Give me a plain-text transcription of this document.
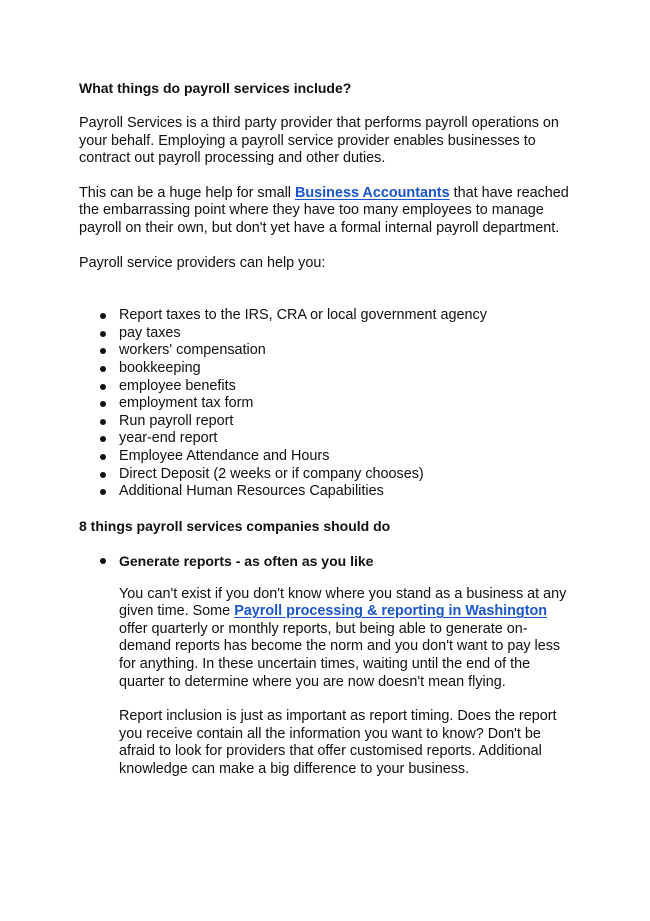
What things do payroll services include?

Payroll Services is a third party provider that performs payroll operations on your behalf. Employing a payroll service provider enables businesses to contract out payroll processing and other duties.

This can be a huge help for small Business Accountants that have reached the embarrassing point where they have too many employees to manage payroll on their own, but don't yet have a formal internal payroll department.

Payroll service providers can help you:

Report taxes to the IRS, CRA or local government agency
pay taxes
workers' compensation
bookkeeping
employee benefits
employment tax form
Run payroll report
year-end report
Employee Attendance and Hours
Direct Deposit (2 weeks or if company chooses)
Additional Human Resources Capabilities
8 things payroll services companies should do
Generate reports - as often as you like

You can't exist if you don't know where you stand as a business at any given time. Some Payroll processing & reporting in Washington offer quarterly or monthly reports, but being able to generate on-demand reports has become the norm and you don't want to pay less for anything. In these uncertain times, waiting until the end of the quarter to determine where you are now doesn't mean flying.

Report inclusion is just as important as report timing. Does the report you receive contain all the information you want to know? Don't be afraid to look for providers that offer customised reports. Additional knowledge can make a big difference to your business.
